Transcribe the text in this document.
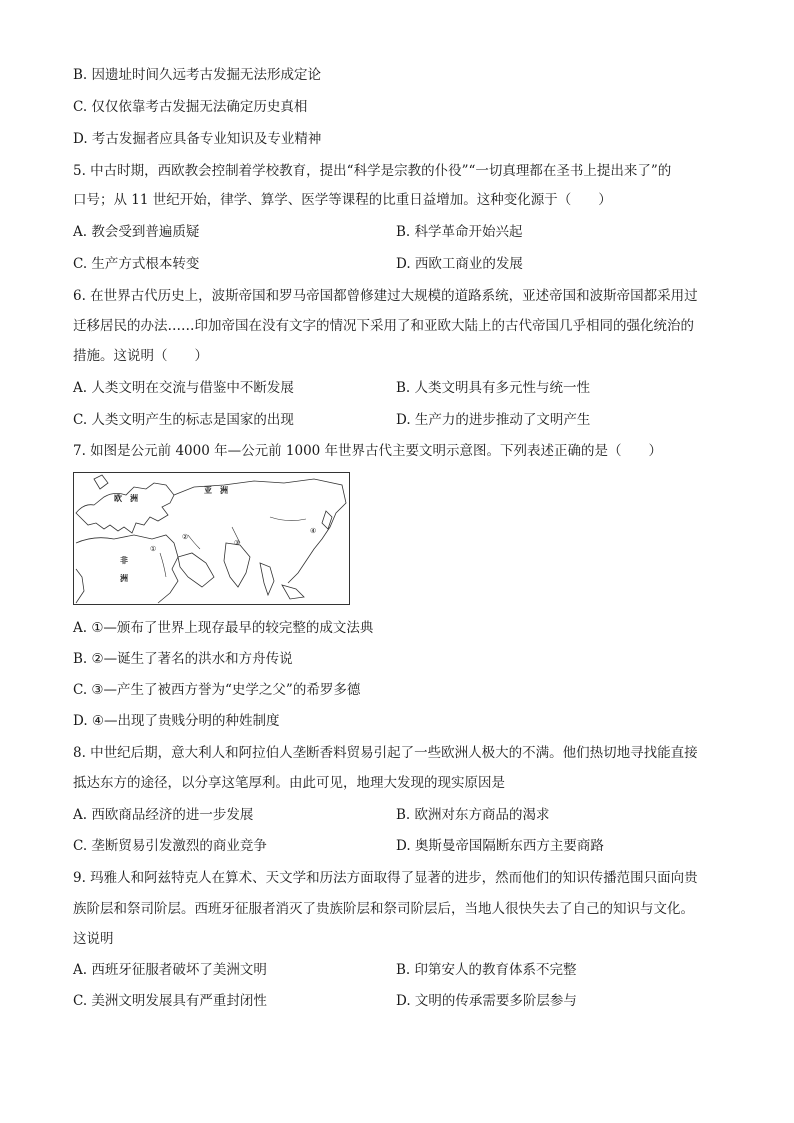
B. 因遗址时间久远考古发掘无法形成定论
C. 仅仅依靠考古发掘无法确定历史真相
D. 考古发掘者应具备专业知识及专业精神
5. 中古时期，西欧教会控制着学校教育，提出“科学是宗教的仆役”“一切真理都在圣书上提出来了”的
口号；从 11 世纪开始，律学、算学、医学等课程的比重日益增加。这种变化源于（　　）
A. 教会受到普遍质疑	B. 科学革命开始兴起
C. 生产方式根本转变	D. 西欧工商业的发展
6. 在世界古代历史上，波斯帝国和罗马帝国都曾修建过大规模的道路系统，亚述帝国和波斯帝国都采用过
迁移居民的办法……印加帝国在没有文字的情况下采用了和亚欧大陆上的古代帝国几乎相同的强化统治的
措施。这说明（　　）
A. 人类文明在交流与借鉴中不断发展	B. 人类文明具有多元性与统一性
C. 人类文明产生的标志是国家的出现	D. 生产力的进步推动了文明产生
7. 如图是公元前 4000 年—公元前 1000 年世界古代主要文明示意图。下列表述正确的是（　　）
欧　洲
亚　洲
非
洲
①
②
③
④
A. ①—颁布了世界上现存最早的较完整的成文法典
B. ②—诞生了著名的洪水和方舟传说
C. ③—产生了被西方誉为“史学之父”的希罗多德
D. ④—出现了贵贱分明的种姓制度
8. 中世纪后期，意大利人和阿拉伯人垄断香料贸易引起了一些欧洲人极大的不满。他们热切地寻找能直接
抵达东方的途径，以分享这笔厚利。由此可见，地理大发现的现实原因是
A. 西欧商品经济的进一步发展	B. 欧洲对东方商品的渴求
C. 垄断贸易引发激烈的商业竞争	D. 奥斯曼帝国隔断东西方主要商路
9. 玛雅人和阿兹特克人在算术、天文学和历法方面取得了显著的进步，然而他们的知识传播范围只面向贵
族阶层和祭司阶层。西班牙征服者消灭了贵族阶层和祭司阶层后，当地人很快失去了自己的知识与文化。
这说明
A. 西班牙征服者破坏了美洲文明	B. 印第安人的教育体系不完整
C. 美洲文明发展具有严重封闭性	D. 文明的传承需要多阶层参与
